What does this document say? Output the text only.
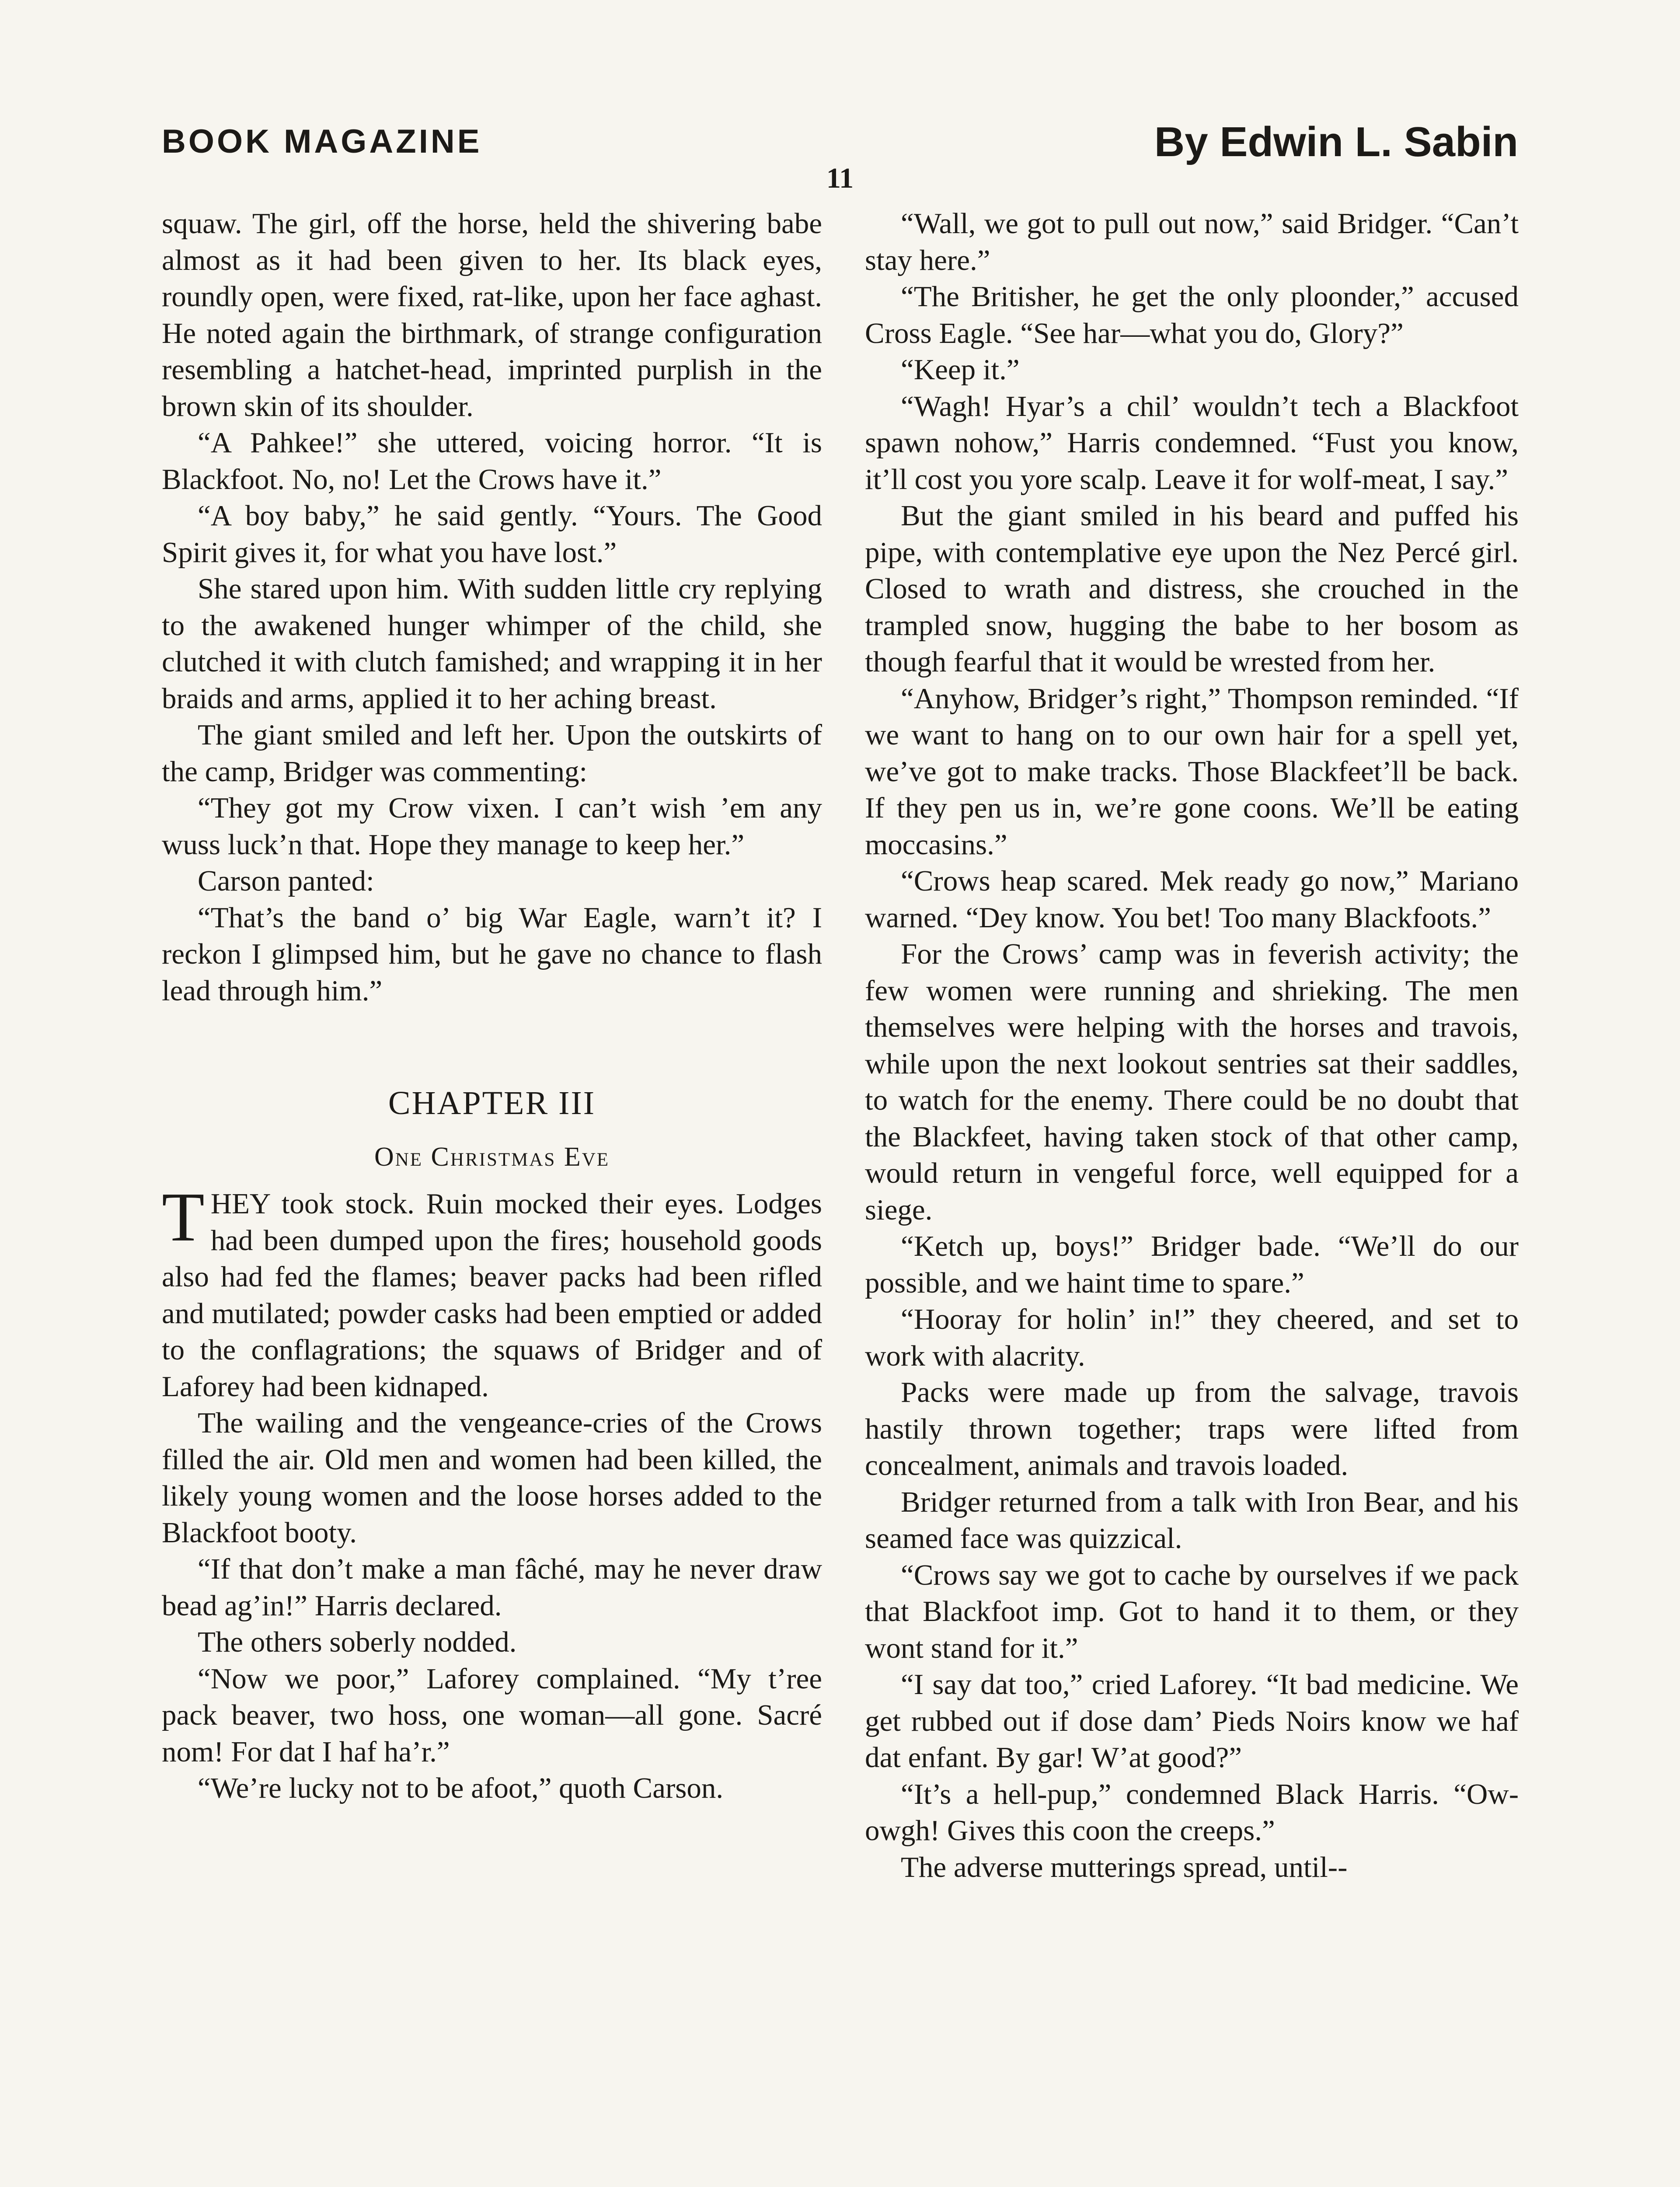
BOOK MAGAZINE	By Edwin L. Sabin
11

squaw. The girl, off the horse, held the shivering babe almost as it had been given to her. Its black eyes, roundly open, were fixed, rat-like, upon her face aghast. He noted again the birthmark, of strange configuration resembling a hatchet-head, imprinted purplish in the brown skin of its shoulder.

“A Pahkee!” she uttered, voicing horror. “It is Blackfoot. No, no! Let the Crows have it.”

“A boy baby,” he said gently. “Yours. The Good Spirit gives it, for what you have lost.”

She stared upon him. With sudden little cry replying to the awakened hunger whimper of the child, she clutched it with clutch famished; and wrapping it in her braids and arms, applied it to her aching breast.

The giant smiled and left her. Upon the outskirts of the camp, Bridger was commenting:

“They got my Crow vixen. I can’t wish ’em any wuss luck’n that. Hope they manage to keep her.”

Carson panted:

“That’s the band o’ big War Eagle, warn’t it? I reckon I glimpsed him, but he gave no chance to flash lead through him.”

CHAPTER III
One Christmas Eve

THEY took stock. Ruin mocked their eyes. Lodges had been dumped upon the fires; household goods also had fed the flames; beaver packs had been rifled and mutilated; powder casks had been emptied or added to the conflagrations; the squaws of Bridger and of Laforey had been kidnaped.

The wailing and the vengeance-cries of the Crows filled the air. Old men and women had been killed, the likely young women and the loose horses added to the Blackfoot booty.

“If that don’t make a man fâché, may he never draw bead ag’in!” Harris declared.

The others soberly nodded.

“Now we poor,” Laforey complained. “My t’ree pack beaver, two hoss, one woman—all gone. Sacré nom! For dat I haf ha’r.”

“We’re lucky not to be afoot,” quoth Carson.

“Wall, we got to pull out now,” said Bridger. “Can’t stay here.”

“The Britisher, he get the only ploonder,” accused Cross Eagle. “See har—what you do, Glory?”

“Keep it.”

“Wagh! Hyar’s a chil’ wouldn’t tech a Blackfoot spawn nohow,” Harris condemned. “Fust you know, it’ll cost you yore scalp. Leave it for wolf-meat, I say.”

But the giant smiled in his beard and puffed his pipe, with contemplative eye upon the Nez Percé girl. Closed to wrath and distress, she crouched in the trampled snow, hugging the babe to her bosom as though fearful that it would be wrested from her.

“Anyhow, Bridger’s right,” Thompson reminded. “If we want to hang on to our own hair for a spell yet, we’ve got to make tracks. Those Blackfeet’ll be back. If they pen us in, we’re gone coons. We’ll be eating moccasins.”

“Crows heap scared. Mek ready go now,” Mariano warned. “Dey know. You bet! Too many Blackfoots.”

For the Crows’ camp was in feverish activity; the few women were running and shrieking. The men themselves were helping with the horses and travois, while upon the next lookout sentries sat their saddles, to watch for the enemy. There could be no doubt that the Blackfeet, having taken stock of that other camp, would return in vengeful force, well equipped for a siege.

“Ketch up, boys!” Bridger bade. “We’ll do our possible, and we haint time to spare.”

“Hooray for holin’ in!” they cheered, and set to work with alacrity.

Packs were made up from the salvage, travois hastily thrown together; traps were lifted from concealment, animals and travois loaded.

Bridger returned from a talk with Iron Bear, and his seamed face was quizzical.

“Crows say we got to cache by ourselves if we pack that Blackfoot imp. Got to hand it to them, or they wont stand for it.”

“I say dat too,” cried Laforey. “It bad medicine. We get rubbed out if dose dam’ Pieds Noirs know we haf dat enfant. By gar! W’at good?”

“It’s a hell-pup,” condemned Black Harris. “Ow-owgh! Gives this coon the creeps.”

The adverse mutterings spread, until--
